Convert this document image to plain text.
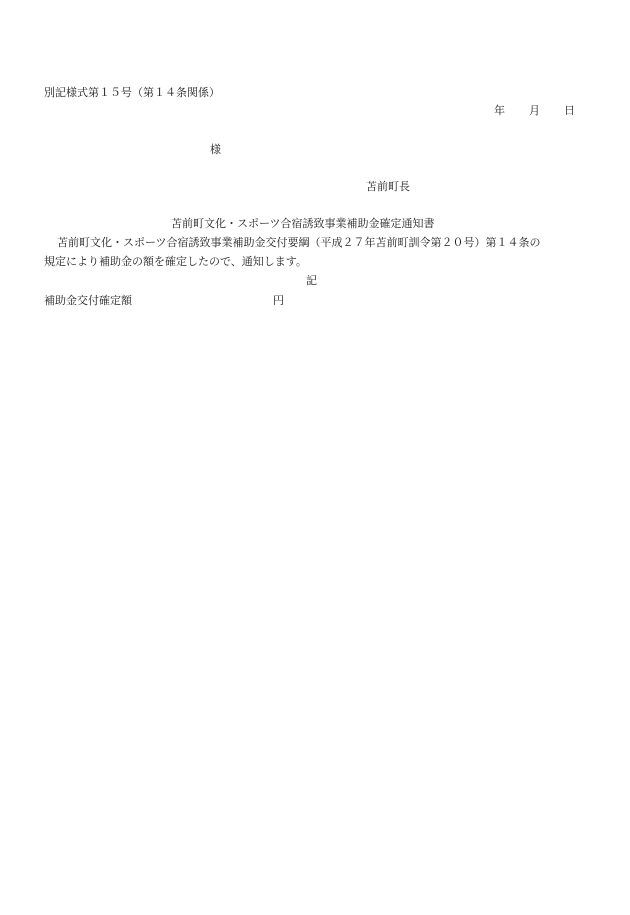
別記様式第１５号（第１４条関係）
年 月 日
様
苫前町長
苫前町文化・スポーツ合宿誘致事業補助金確定通知書
苫前町文化・スポーツ合宿誘致事業補助金交付要綱（平成２７年苫前町訓令第２０号）第１４条の
規定により補助金の額を確定したので、通知します。
記
補助金交付確定額	円
